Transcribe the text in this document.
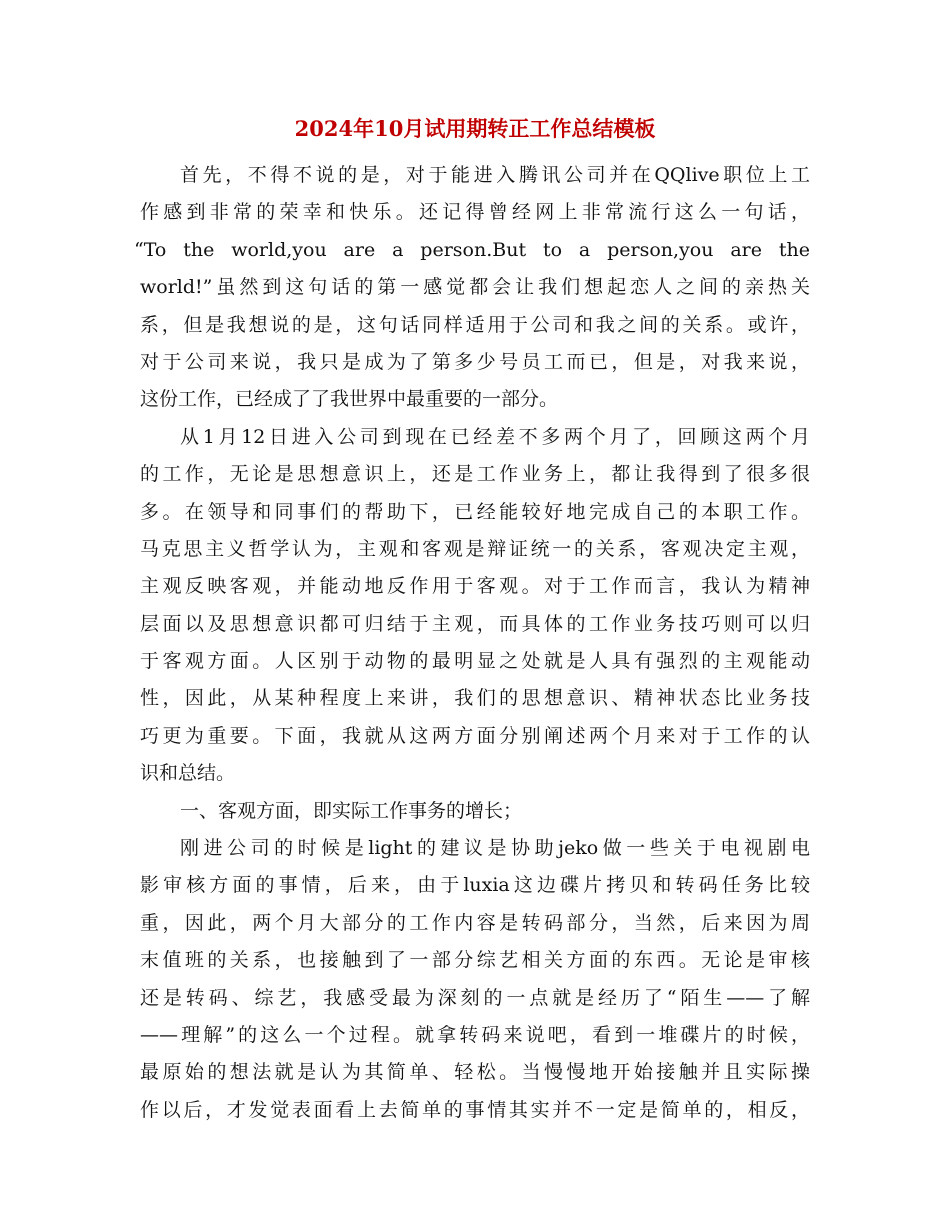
2024年10月试用期转正工作总结模板
首先，不得不说的是，对于能进入腾讯公司并在QQlive职位上工
作感到非常的荣幸和快乐。还记得曾经网上非常流行这么一句话，
“To the world,you are a person.But to a person,you are the
world!”虽然到这句话的第一感觉都会让我们想起恋人之间的亲热关
系，但是我想说的是，这句话同样适用于公司和我之间的关系。或许，
对于公司来说，我只是成为了第多少号员工而已，但是，对我来说，
这份工作，已经成了了我世界中最重要的一部分。
从1月12日进入公司到现在已经差不多两个月了，回顾这两个月
的工作，无论是思想意识上，还是工作业务上，都让我得到了很多很
多。在领导和同事们的帮助下，已经能较好地完成自己的本职工作。
马克思主义哲学认为，主观和客观是辩证统一的关系，客观决定主观，
主观反映客观，并能动地反作用于客观。对于工作而言，我认为精神
层面以及思想意识都可归结于主观，而具体的工作业务技巧则可以归
于客观方面。人区别于动物的最明显之处就是人具有强烈的主观能动
性，因此，从某种程度上来讲，我们的思想意识、精神状态比业务技
巧更为重要。下面，我就从这两方面分别阐述两个月来对于工作的认
识和总结。
一、客观方面，即实际工作事务的增长；
刚进公司的时候是light的建议是协助jeko做一些关于电视剧电
影审核方面的事情，后来，由于luxia这边碟片拷贝和转码任务比较
重，因此，两个月大部分的工作内容是转码部分，当然，后来因为周
末值班的关系，也接触到了一部分综艺相关方面的东西。无论是审核
还是转码、综艺，我感受最为深刻的一点就是经历了“陌生——了解
——理解”的这么一个过程。就拿转码来说吧，看到一堆碟片的时候，
最原始的想法就是认为其简单、轻松。当慢慢地开始接触并且实际操
作以后，才发觉表面看上去简单的事情其实并不一定是简单的，相反，
